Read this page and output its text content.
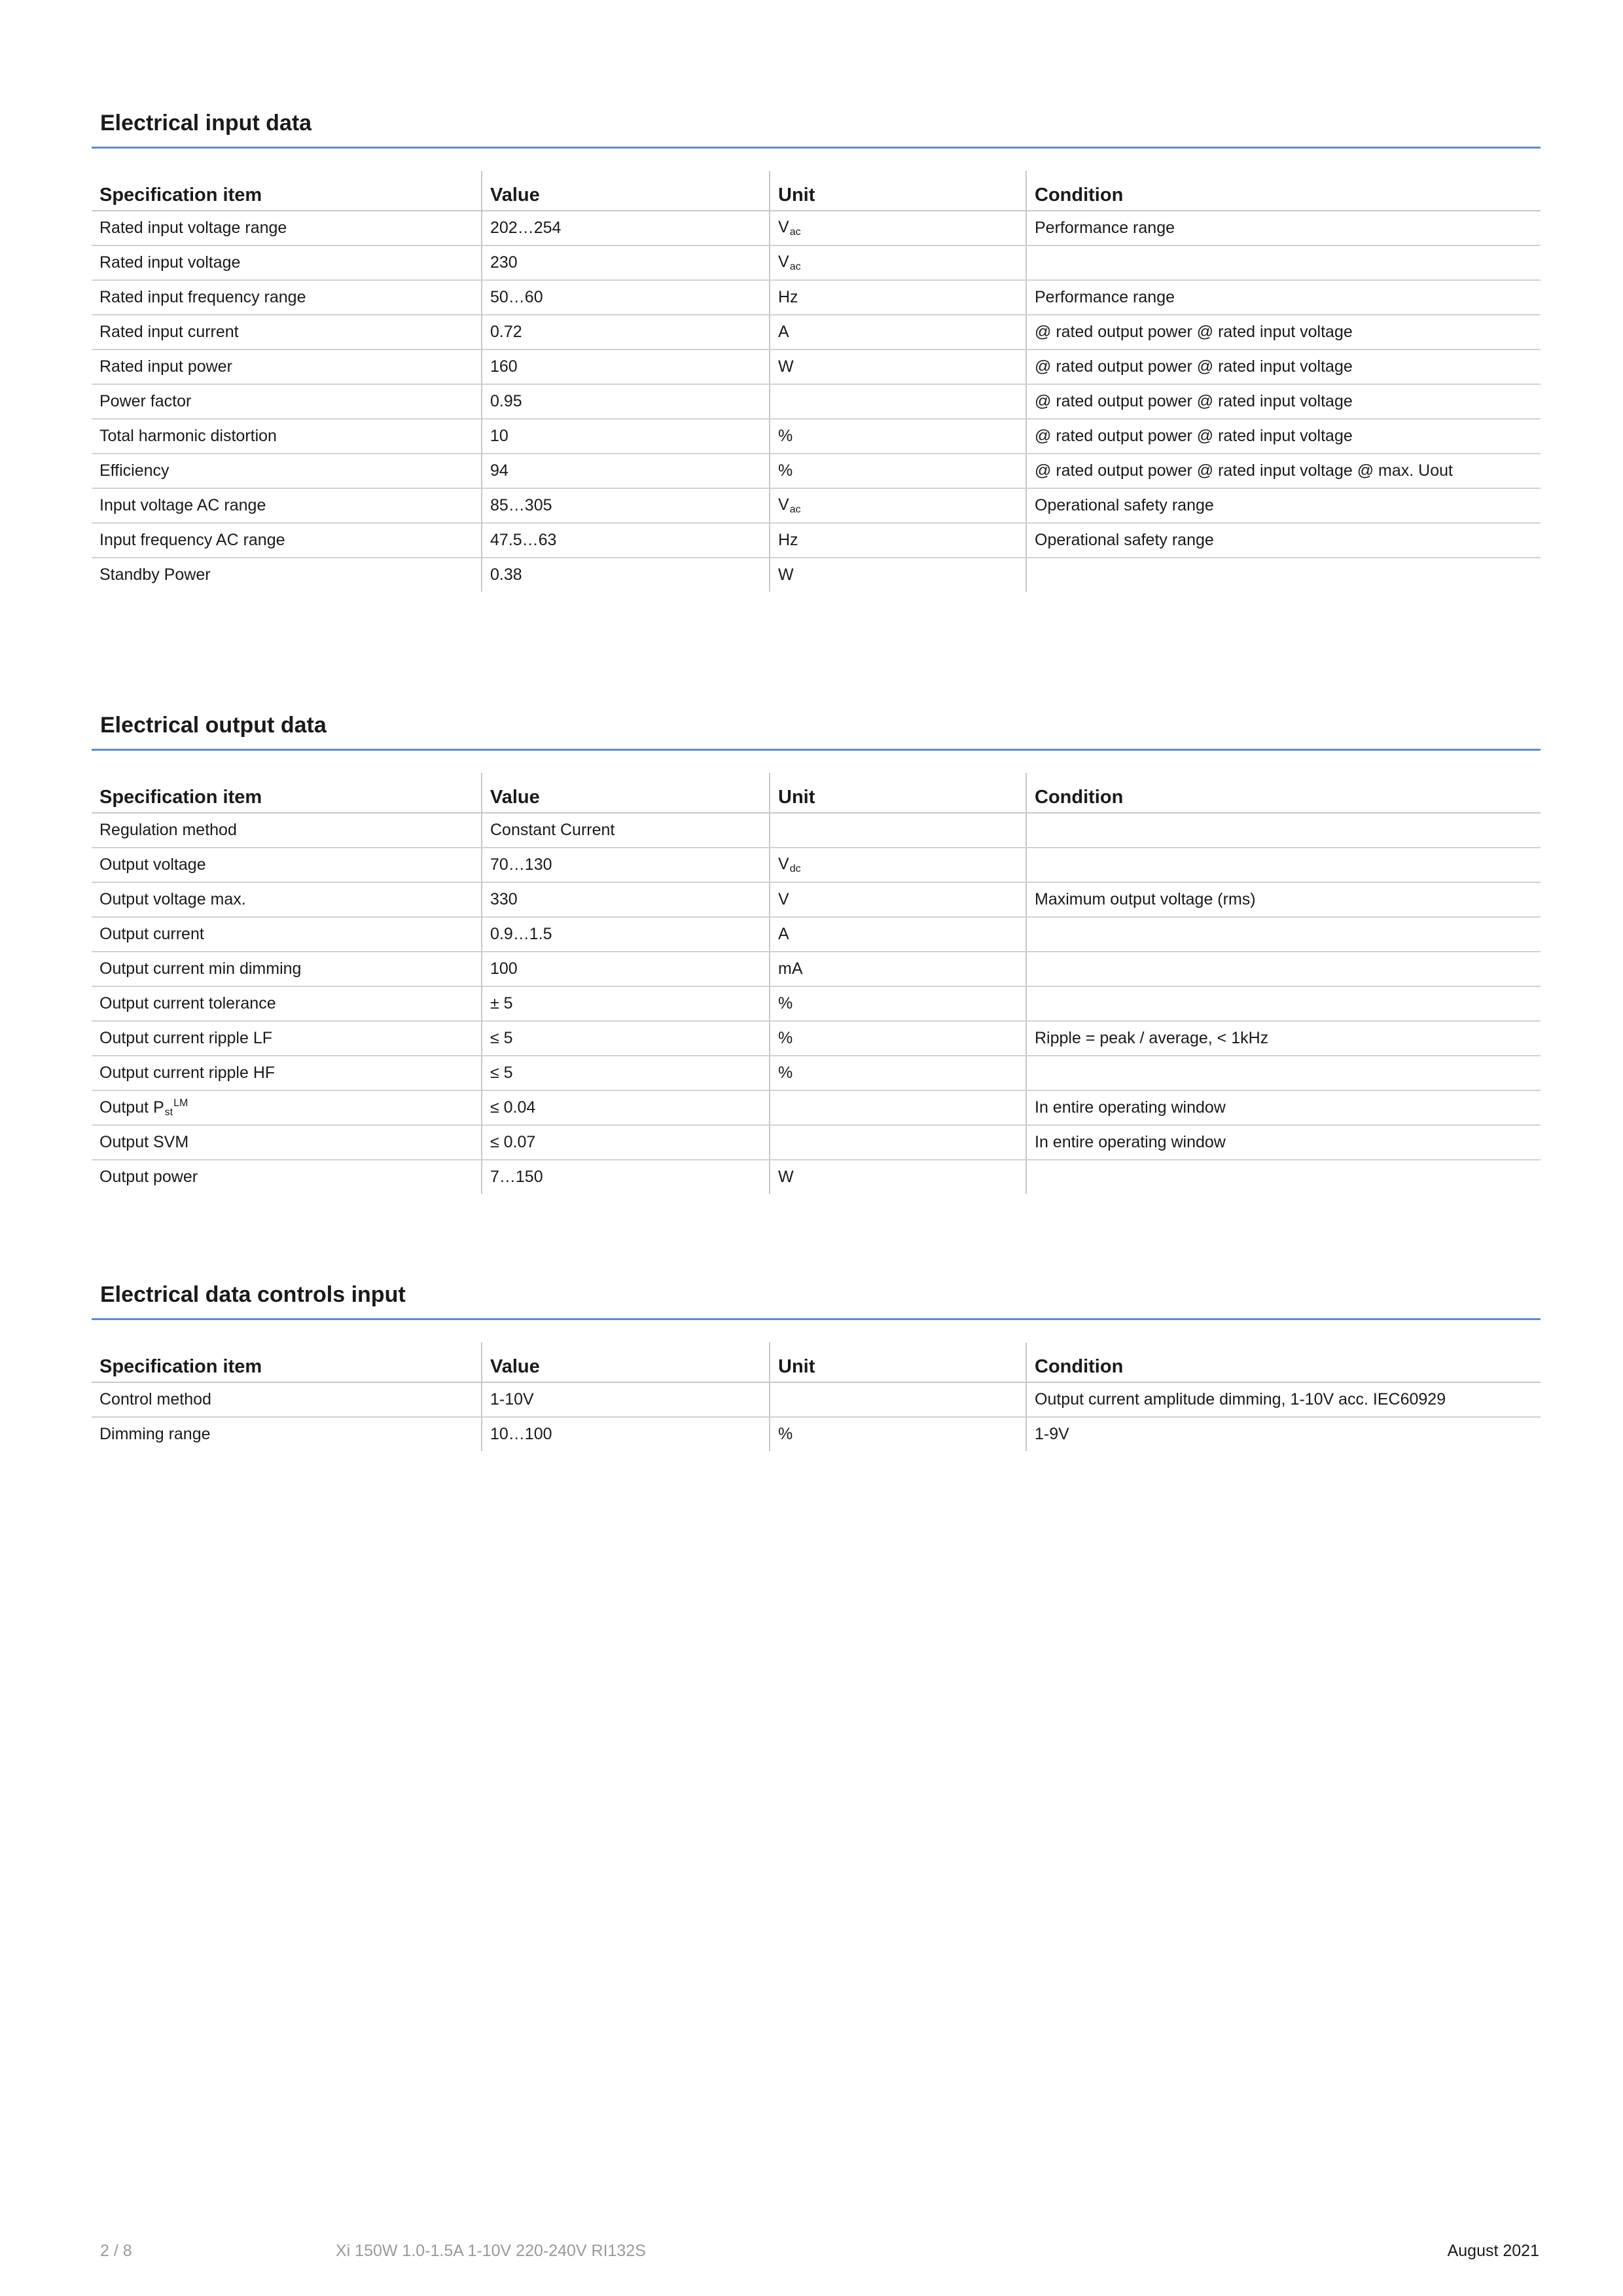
Electrical input data
Specification item	Value	Unit	Condition
Rated input voltage range	202…254	$V_{ac}$	Performance range
Rated input voltage	230	$V_{ac}$	
Rated input frequency range	50…60	Hz	Performance range
Rated input current	0.72	A	@ rated output power @ rated input voltage
Rated input power	160	W	@ rated output power @ rated input voltage
Power factor	0.95		@ rated output power @ rated input voltage
Total harmonic distortion	10	%	@ rated output power @ rated input voltage
Efficiency	94	%	@ rated output power @ rated input voltage @ max. Uout
Input voltage AC range	85…305	$V_{ac}$	Operational safety range
Input frequency AC range	47.5…63	Hz	Operational safety range
Standby Power	0.38	W	
Electrical output data
Specification item	Value	Unit	Condition
Regulation method	Constant Current		
Output voltage	70…130	$V_{dc}$	
Output voltage max.	330	V	Maximum output voltage (rms)
Output current	0.9…1.5	A	
Output current min dimming	100	mA	
Output current tolerance	± 5	%	
Output current ripple LF	≤ 5	%	Ripple = peak / average, < 1kHz
Output current ripple HF	≤ 5	%	
Output $P_{st}^{LM}$	≤ 0.04		In entire operating window
Output SVM	≤ 0.07		In entire operating window
Output power	7…150	W	
Electrical data controls input
Specification item	Value	Unit	Condition
Control method	1-10V		Output current amplitude dimming, 1-10V acc. IEC60929
Dimming range	10…100	%	1-9V
2 / 8	Xi 150W 1.0-1.5A 1-10V 220-240V RI132S	August 2021
